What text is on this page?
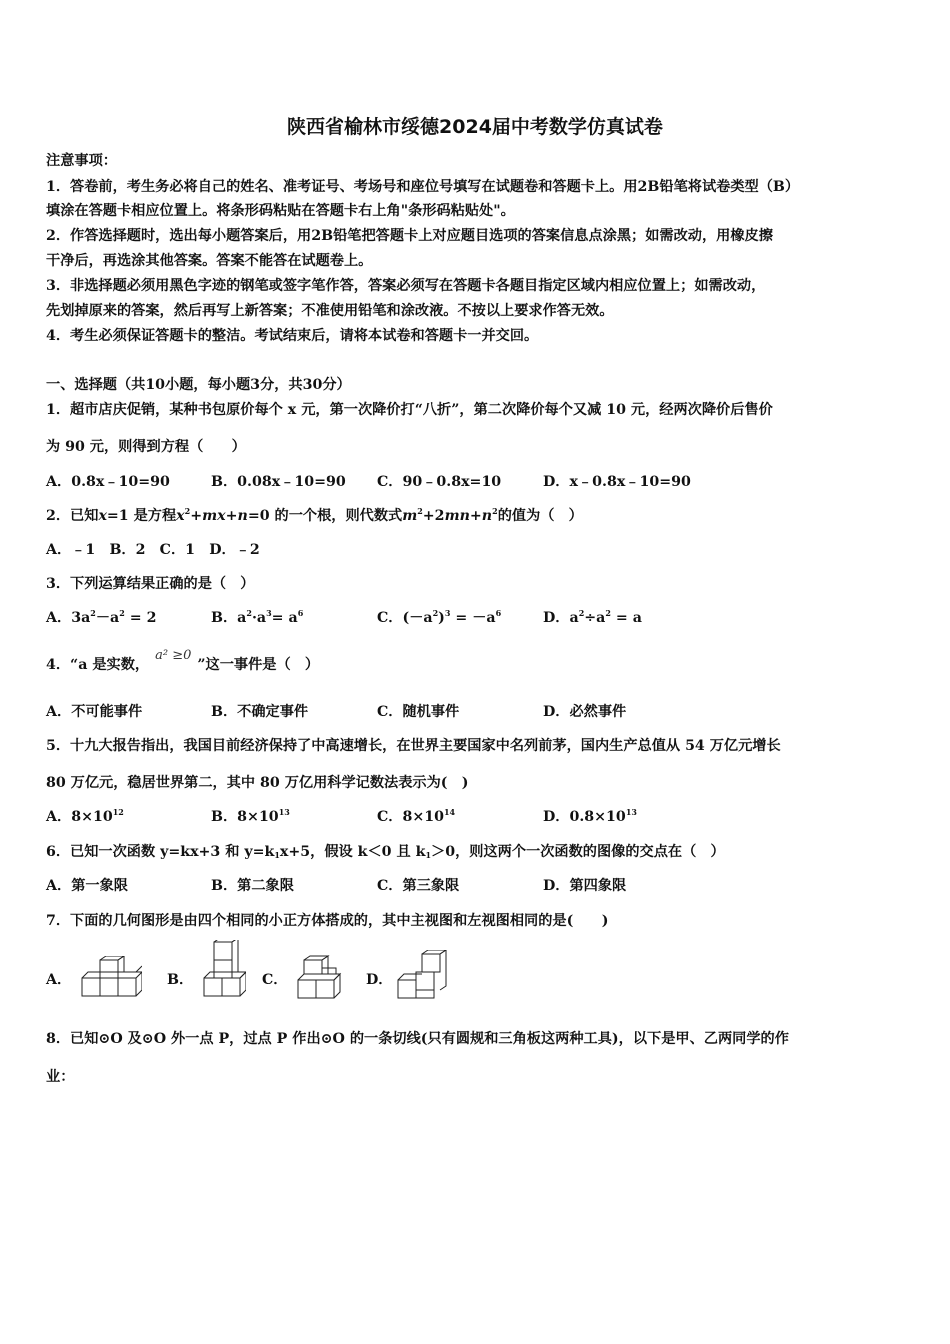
陕西省榆林市绥德2024届中考数学仿真试卷
注意事项：
1．答卷前，考生务必将自己的姓名、准考证号、考场号和座位号填写在试题卷和答题卡上。用2B铅笔将试卷类型（B）
填涂在答题卡相应位置上。将条形码粘贴在答题卡右上角"条形码粘贴处"。
2．作答选择题时，选出每小题答案后，用2B铅笔把答题卡上对应题目选项的答案信息点涂黑；如需改动，用橡皮擦
干净后，再选涂其他答案。答案不能答在试题卷上。
3．非选择题必须用黑色字迹的钢笔或签字笔作答，答案必须写在答题卡各题目指定区域内相应位置上；如需改动，
先划掉原来的答案，然后再写上新答案；不准使用铅笔和涂改液。不按以上要求作答无效。
4．考生必须保证答题卡的整洁。考试结束后，请将本试卷和答题卡一并交回。
一、选择题（共10小题，每小题3分，共30分）
1．超市店庆促销，某种书包原价每个 x 元，第一次降价打“八折”，第二次降价每个又减 10 元，经两次降价后售价
为 90 元，则得到方程（　　）
A．0.8x﹣10=90	B．0.08x﹣10=90 C．90﹣0.8x=10	D．x﹣0.8x﹣10=90
2．已知x=1 是方程$x^2+mx+n=0$ 的一个根，则代数式$m^2+2mn+n^2$的值为（　）
A．﹣1　B．2　C．1　D．﹣2
3．下列运算结果正确的是（　）
A．$3a^2-a^2 = 2$	B．$a^2\cdot a^3= a^6$	C．$(-a^2)^3 = -a^6$	D．$a^2\div a^2 = a$
4．“a 是实数，a² ≥0”这一事件是（　）
A．不可能事件	B．不确定事件	C．随机事件	D．必然事件
5．十九大报告指出，我国目前经济保持了中高速增长，在世界主要国家中名列前茅，国内生产总值从 54 万亿元增长
80 万亿元，稳居世界第二，其中 80 万亿用科学记数法表示为(　)
A．$8\times 10^{12}$	B．$8\times 10^{13}$	C．$8\times 10^{14}$	D．$0.8\times 10^{13}$
6．已知一次函数 y=kx+3 和 $y=k_1x+5$，假设 k＜0 且 $k_1>0$，则这两个一次函数的图像的交点在（　）
A．第一象限	B．第二象限	C．第三象限	D．第四象限
7．下面的几何图形是由四个相同的小正方体搭成的，其中主视图和左视图相同的是(　　)
A．	B．	C．	D．
8．已知⊙O 及⊙O 外一点 P，过点 P 作出⊙O 的一条切线(只有圆规和三角板这两种工具)，以下是甲、乙两同学的作
业：
